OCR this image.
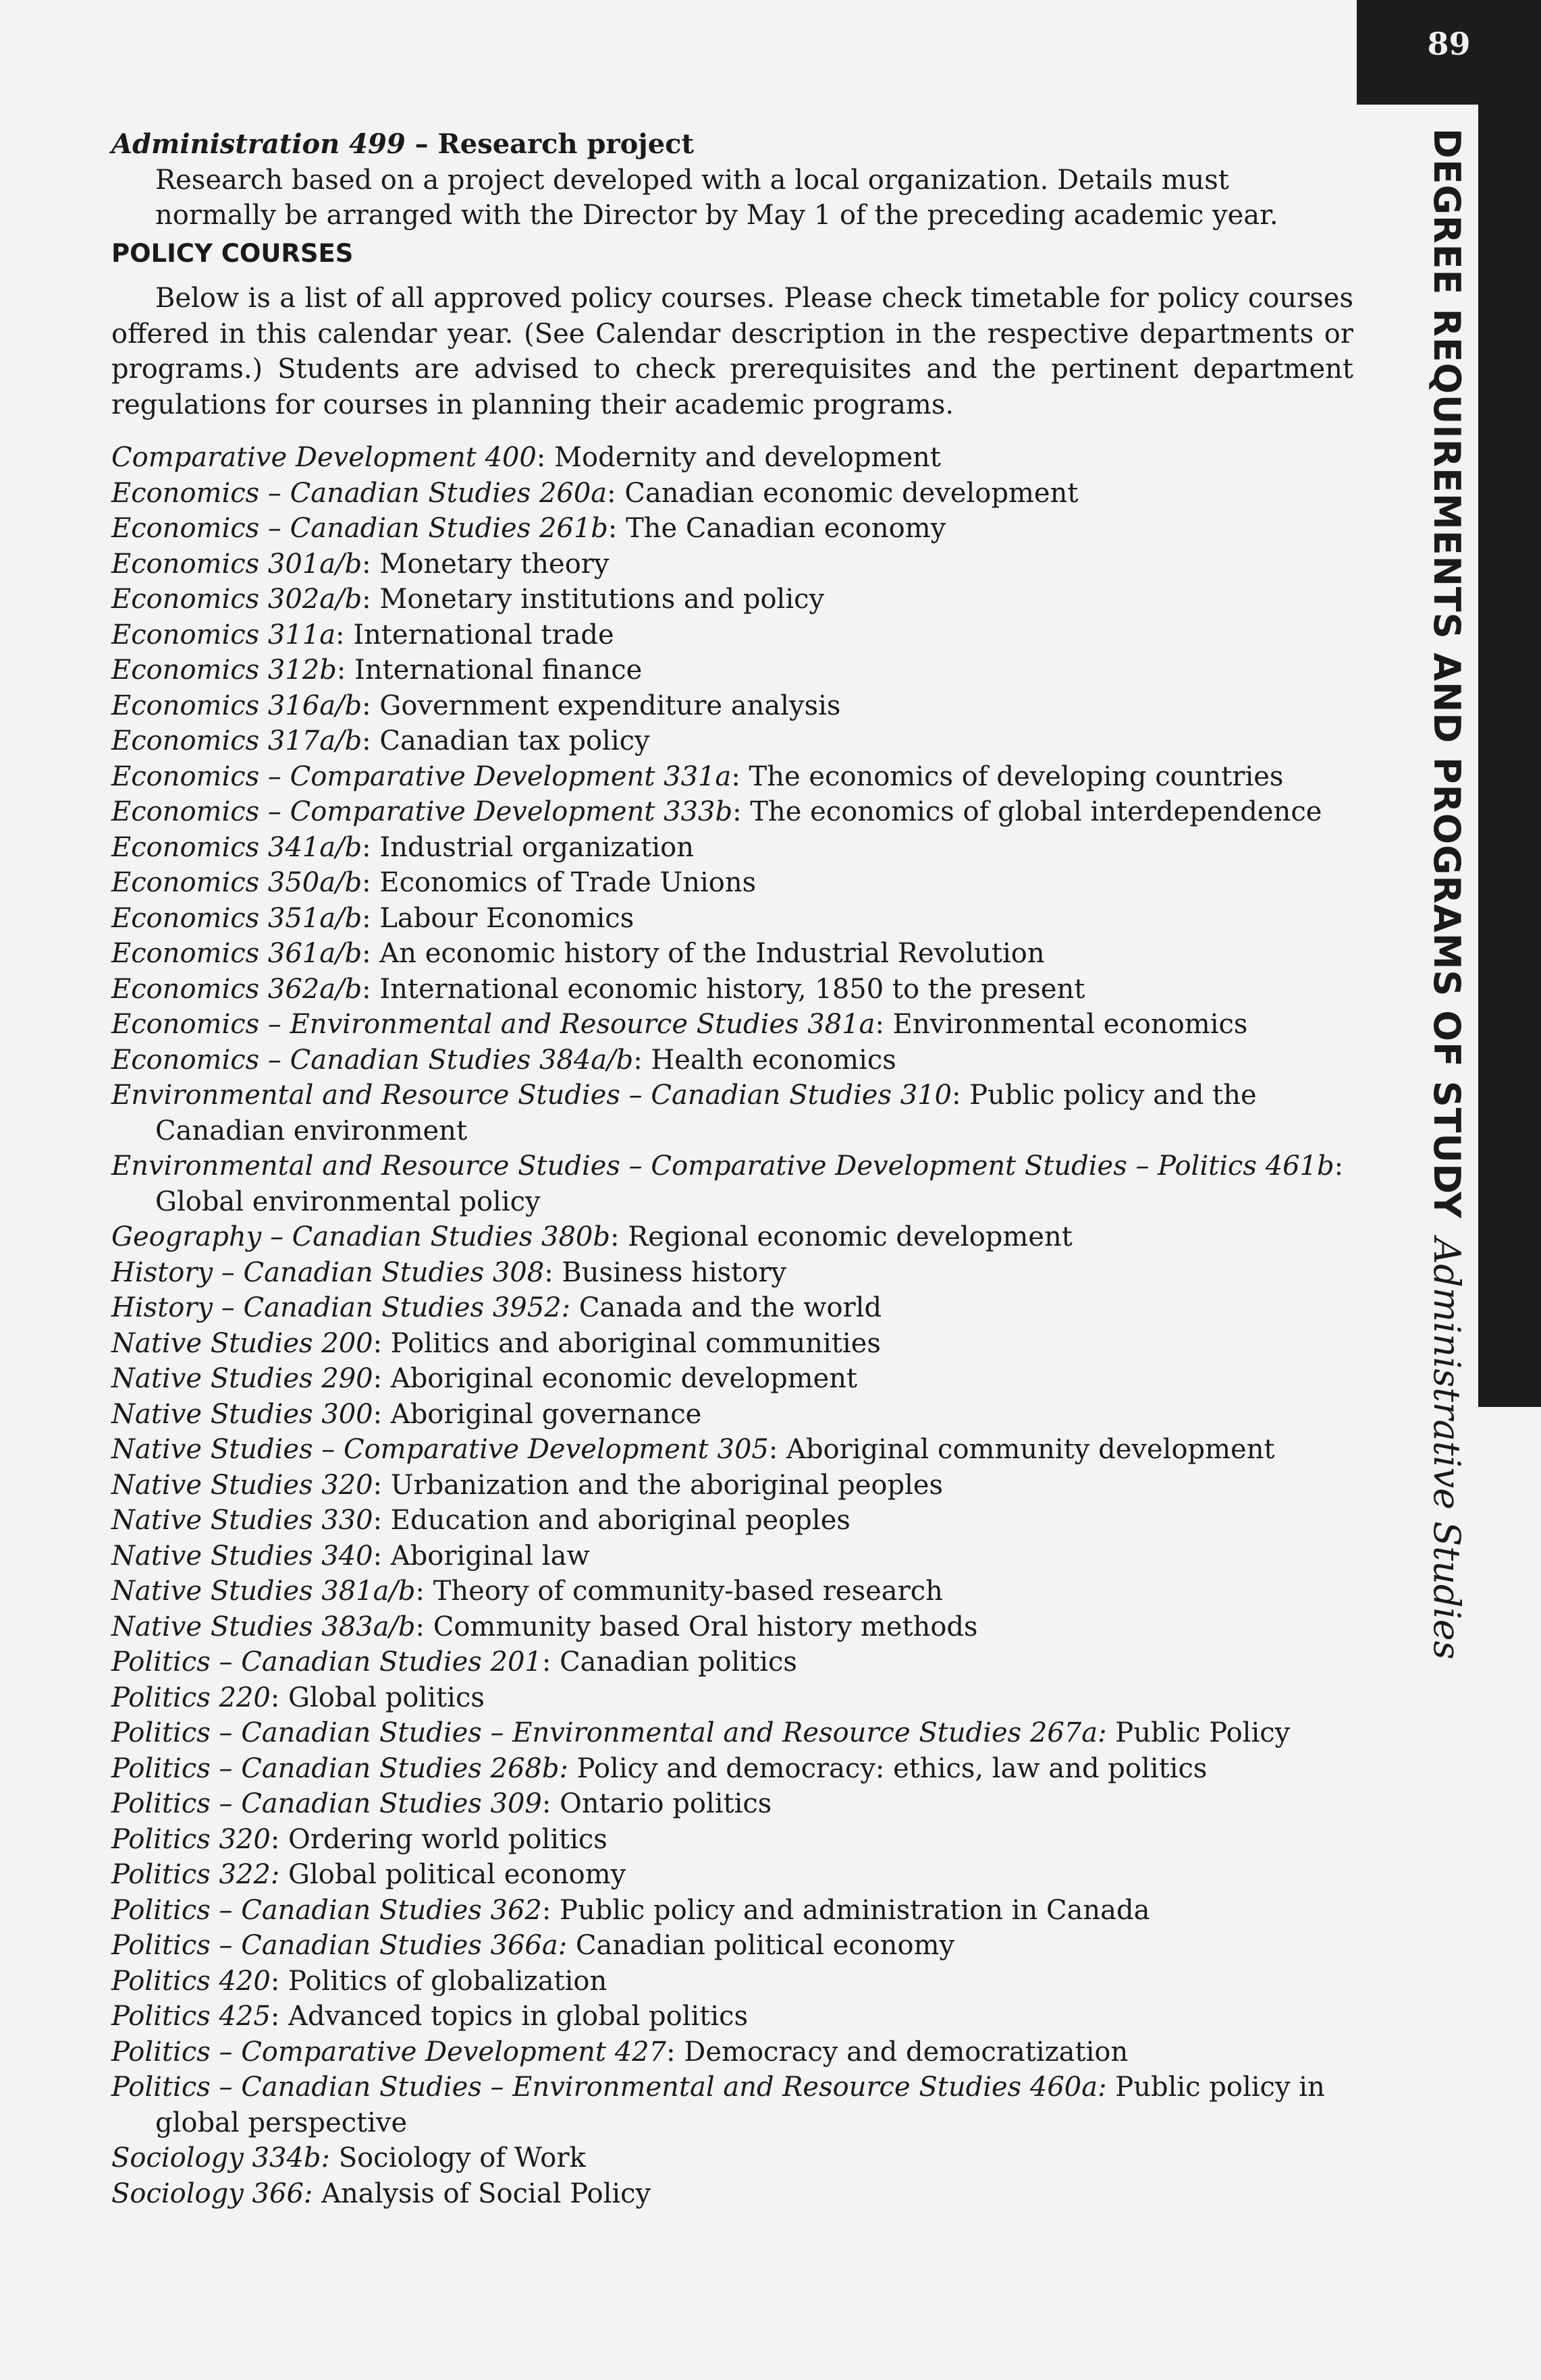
89
DEGREE REQUIREMENTS AND PROGRAMS OF STUDYAdministrative Studies
Administration 499 – Research project
Research based on a project developed with a local organization. Details must normally be arranged with the Director by May 1 of the preceding academic year.
POLICY COURSES
Below is a list of all approved policy courses. Please check timetable for policy courses offered in this calendar year. (See Calendar description in the respective departments or programs.) Students are advised to check prerequisites and the pertinent department regulations for courses in planning their academic programs.
Comparative Development 400: Modernity and development
Economics – Canadian Studies 260a: Canadian economic development
Economics – Canadian Studies 261b: The Canadian economy
Economics 301a/b: Monetary theory
Economics 302a/b: Monetary institutions and policy
Economics 311a: International trade
Economics 312b: International finance
Economics 316a/b: Government expenditure analysis
Economics 317a/b: Canadian tax policy
Economics – Comparative Development 331a: The economics of developing countries
Economics – Comparative Development 333b: The economics of global interdependence
Economics 341a/b: Industrial organization
Economics 350a/b: Economics of Trade Unions
Economics 351a/b: Labour Economics
Economics 361a/b: An economic history of the Industrial Revolution
Economics 362a/b: International economic history, 1850 to the present
Economics – Environmental and Resource Studies 381a: Environmental economics
Economics – Canadian Studies 384a/b: Health economics
Environmental and Resource Studies – Canadian Studies 310: Public policy and the Canadian environment
Environmental and Resource Studies – Comparative Development Studies – Politics 461b: Global environmental policy
Geography – Canadian Studies 380b: Regional economic development
History – Canadian Studies 308: Business history
History – Canadian Studies 3952: Canada and the world
Native Studies 200: Politics and aboriginal communities
Native Studies 290: Aboriginal economic development
Native Studies 300: Aboriginal governance
Native Studies – Comparative Development 305: Aboriginal community development
Native Studies 320: Urbanization and the aboriginal peoples
Native Studies 330: Education and aboriginal peoples
Native Studies 340: Aboriginal law
Native Studies 381a/b: Theory of community-based research
Native Studies 383a/b: Community based Oral history methods
Politics – Canadian Studies 201: Canadian politics
Politics 220: Global politics
Politics – Canadian Studies – Environmental and Resource Studies 267a: Public Policy
Politics – Canadian Studies 268b: Policy and democracy: ethics, law and politics
Politics – Canadian Studies 309: Ontario politics
Politics 320: Ordering world politics
Politics 322: Global political economy
Politics – Canadian Studies 362: Public policy and administration in Canada
Politics – Canadian Studies 366a: Canadian political economy
Politics 420: Politics of globalization
Politics 425: Advanced topics in global politics
Politics – Comparative Development 427: Democracy and democratization
Politics – Canadian Studies – Environmental and Resource Studies 460a: Public policy in global perspective
Sociology 334b: Sociology of Work
Sociology 366: Analysis of Social Policy
